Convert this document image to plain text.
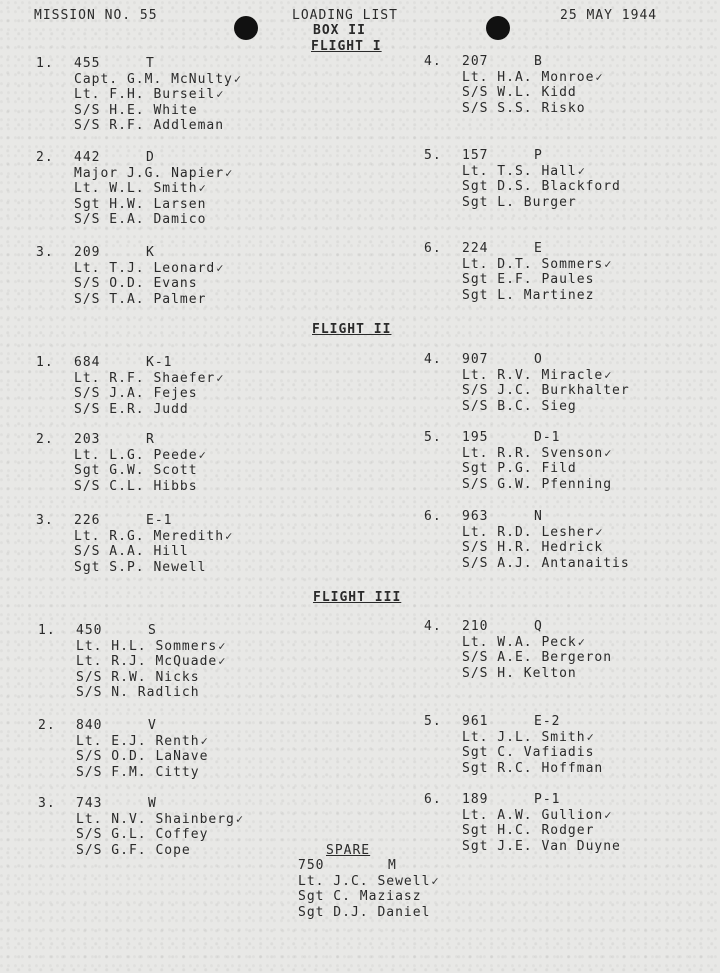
MISSION NO. 55	LOADING LIST
BOX II
25 MAY 1944
FLIGHT I
FLIGHT II
FLIGHT III
1. 455	T
Capt. G.M. McNulty✓
Lt. F.H. Burseil✓
S/S H.E. White
S/S R.F. Addleman
2. 442	D
Major J.G. Napier✓
Lt. W.L. Smith✓
Sgt H.W. Larsen
S/S E.A. Damico
3. 209	K
Lt. T.J. Leonard✓
S/S O.D. Evans
S/S T.A. Palmer
4. 207	B
Lt. H.A. Monroe✓
S/S W.L. Kidd
S/S S.S. Risko
5. 157	P
Lt. T.S. Hall✓
Sgt D.S. Blackford
Sgt L. Burger
6. 224	E
Lt. D.T. Sommers✓
Sgt E.F. Paules
Sgt L. Martinez
1. 684	K-1
Lt. R.F. Shaefer✓
S/S J.A. Fejes
S/S E.R. Judd
2. 203	R
Lt. L.G. Peede✓
Sgt G.W. Scott
S/S C.L. Hibbs
3. 226	E-1
Lt. R.G. Meredith✓
S/S A.A. Hill
Sgt S.P. Newell
4. 907	O
Lt. R.V. Miracle✓
S/S J.C. Burkhalter
S/S B.C. Sieg
5. 195	D-1
Lt. R.R. Svenson✓
Sgt P.G. Fild
S/S G.W. Pfenning
6. 963	N
Lt. R.D. Lesher✓
S/S H.R. Hedrick
S/S A.J. Antanaitis
1. 450	S
Lt. H.L. Sommers✓
Lt. R.J. McQuade✓
S/S R.W. Nicks
S/S N. Radlich
2. 840	V
Lt. E.J. Renth✓
S/S O.D. LaNave
S/S F.M. Citty
3. 743	W
Lt. N.V. Shainberg✓
S/S G.L. Coffey
S/S G.F. Cope
4. 210	Q
Lt. W.A. Peck✓
S/S A.E. Bergeron
S/S H. Kelton
5. 961	E-2
Lt. J.L. Smith✓
Sgt C. Vafiadis
Sgt R.C. Hoffman
6. 189	P-1
Lt. A.W. Gullion✓
Sgt H.C. Rodger
Sgt J.E. Van Duyne
SPARE
750	M
Lt. J.C. Sewell✓
Sgt C. Maziasz
Sgt D.J. Daniel
